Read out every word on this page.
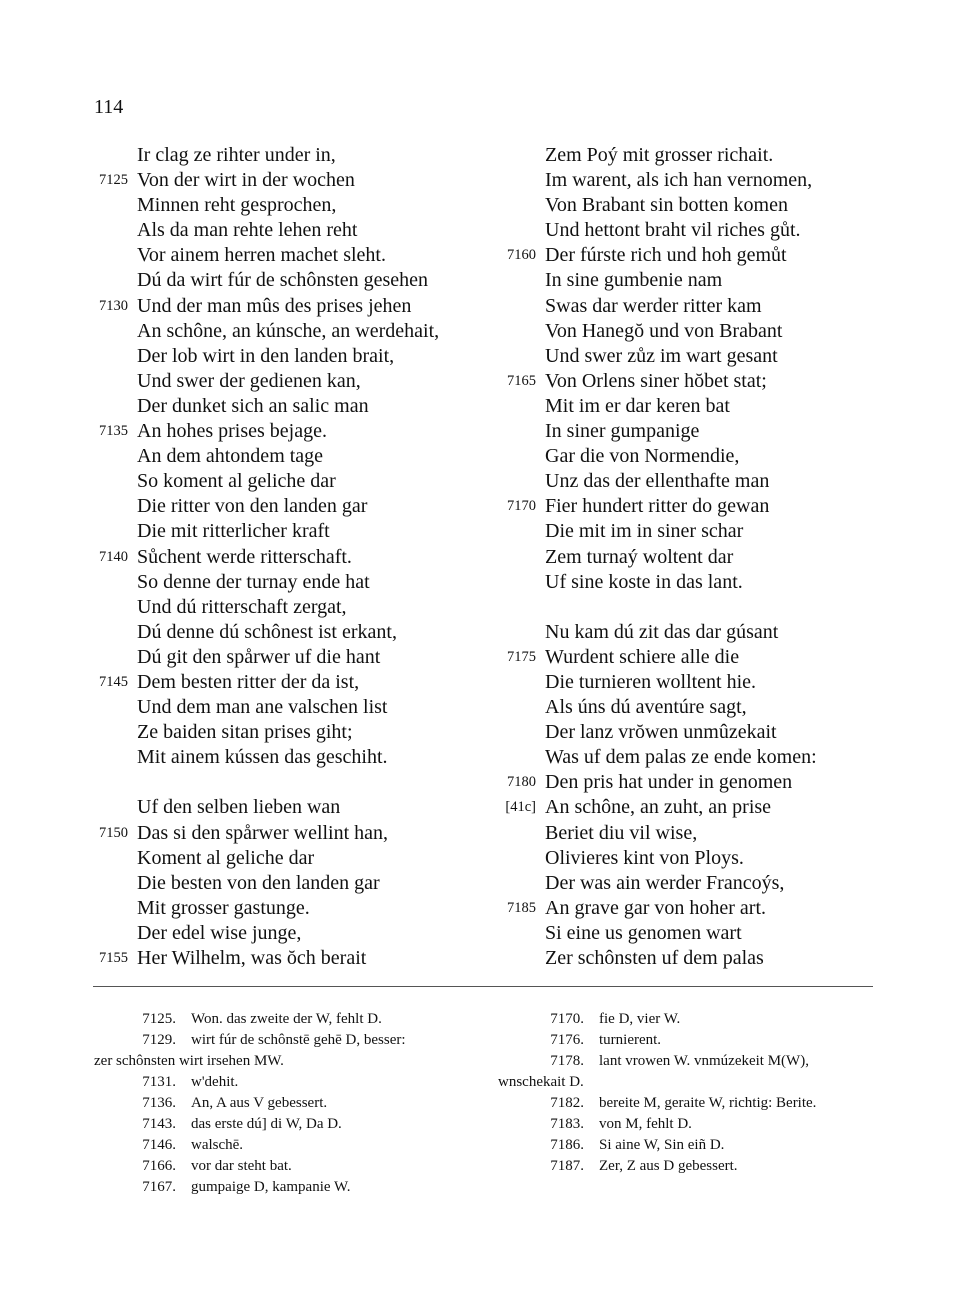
114
Ir clag ze rihter under in,
7125 Von der wirt in der wochen
Minnen reht gesprochen,
Als da man rehte lehen reht
Vor ainem herren machet sleht.
Dú da wirt fúr de schônsten gesehen
7130 Und der man mûs des prises jehen
An schône, an kúnsche, an werdehait,
Der lob wirt in den landen brait,
Und swer der gedienen kan,
Der dunket sich an salic man
7135 An hohes prises bejage.
An dem ahtondem tage
So koment al geliche dar
Die ritter von den landen gar
Die mit ritterlicher kraft
7140 Sůchent werde ritterschaft.
So denne der turnay ende hat
Und dú ritterschaft zergat,
Dú denne dú schônest ist erkant,
Dú git den spårwer uf die hant
7145 Dem besten ritter der da ist,
Und dem man ane valschen list
Ze baiden sitan prises giht;
Mit ainem kússen das geschiht.
Uf den selben lieben wan
7150 Das si den spårwer wellint han,
Koment al geliche dar
Die besten von den landen gar
Mit grosser gastunge.
Der edel wise junge,
7155 Her Wilhelm, was ŏch berait
Zem Poý mit grosser richait.
Im warent, als ich han vernomen,
Von Brabant sin botten komen
Und hettont braht vil riches gůt.
7160 Der fúrste rich und hoh gemůt
In sine gumbenie nam
Swas dar werder ritter kam
Von Hanegŏ und von Brabant
Und swer zůz im wart gesant
7165 Von Orlens siner hŏbet stat;
Mit im er dar keren bat
In siner gumpanige
Gar die von Normendie,
Unz das der ellenthafte man
7170 Fier hundert ritter do gewan
Die mit im in siner schar
Zem turnaý woltent dar
Uf sine koste in das lant.
Nu kam dú zit das dar gúsant
7175 Wurdent schiere alle die
Die turnieren wolltent hie.
Als úns dú aventúre sagt,
Der lanz vrŏwen unmûzekait
Was uf dem palas ze ende komen:
7180 Den pris hat under in genomen
[41c] An schône, an zuht, an prise
Beriet diu vil wise,
Olivieres kint von Ploys.
Der was ain werder Francoýs,
7185 An grave gar von hoher art.
Si eine us genomen wart
Zer schônsten uf dem palas
7125. Won. das zweite der W, fehlt D.
7129. wirt fúr de schônstē gehē D, besser:
zer schônsten wirt irsehen MW.
7131. w'dehit.
7136. An, A aus V gebessert.
7143. das erste dú] di W, Da D.
7146. walschē.
7166. vor dar steht bat.
7167. gumpaige D, kampanie W.
7170. fie D, vier W.
7176. turnierent.
7178. lant vrowen W. vnmúzekeit M(W),
wnschekait D.
7182. bereite M, geraite W, richtig: Berite.
7183. von M, fehlt D.
7186. Si aine W, Sin eiñ D.
7187. Zer, Z aus D gebessert.
